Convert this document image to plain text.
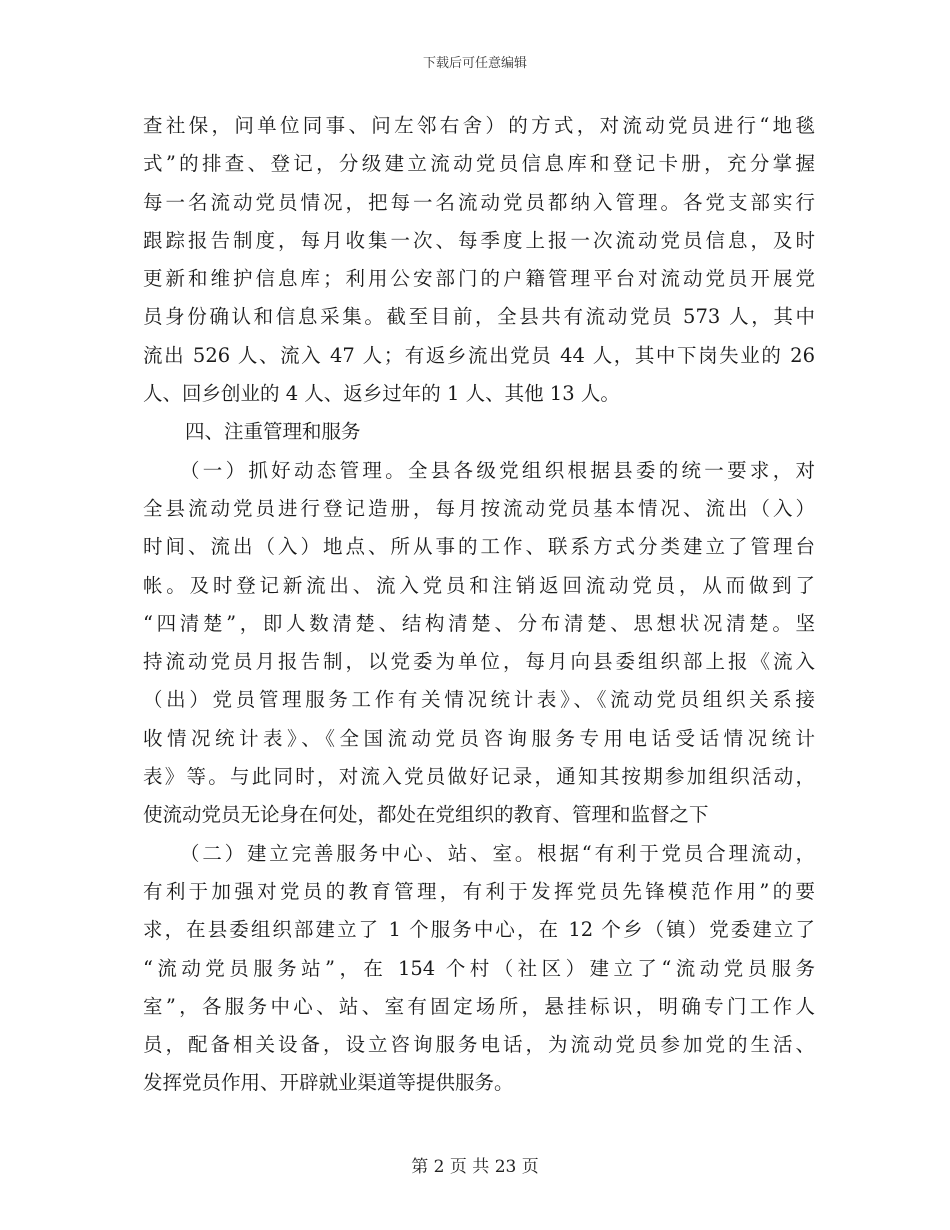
下载后可任意编辑
查社保，问单位同事、问左邻右舍）的方式，对流动党员进行“地毯
式”的排查、登记，分级建立流动党员信息库和登记卡册，充分掌握
每一名流动党员情况，把每一名流动党员都纳入管理。各党支部实行
跟踪报告制度，每月收集一次、每季度上报一次流动党员信息，及时
更新和维护信息库；利用公安部门的户籍管理平台对流动党员开展党
员身份确认和信息采集。截至目前，全县共有流动党员 573 人，其中
流出 526 人、流入 47 人；有返乡流出党员 44 人，其中下岗失业的 26
人、回乡创业的 4 人、返乡过年的 1 人、其他 13 人。
四、注重管理和服务
（一）抓好动态管理。全县各级党组织根据县委的统一要求，对
全县流动党员进行登记造册，每月按流动党员基本情况、流出（入）
时间、流出（入）地点、所从事的工作、联系方式分类建立了管理台
帐。及时登记新流出、流入党员和注销返回流动党员，从而做到了
“四清楚”，即人数清楚、结构清楚、分布清楚、思想状况清楚。坚
持流动党员月报告制，以党委为单位，每月向县委组织部上报《流入
（出）党员管理服务工作有关情况统计表》、《流动党员组织关系接
收情况统计表》、《全国流动党员咨询服务专用电话受话情况统计
表》等。与此同时，对流入党员做好记录，通知其按期参加组织活动，
使流动党员无论身在何处，都处在党组织的教育、管理和监督之下
（二）建立完善服务中心、站、室。根据“有利于党员合理流动，
有利于加强对党员的教育管理，有利于发挥党员先锋模范作用”的要
求，在县委组织部建立了 1 个服务中心，在 12 个乡（镇）党委建立了
“流动党员服务站”，在 154 个村（社区）建立了“流动党员服务
室”，各服务中心、站、室有固定场所，悬挂标识，明确专门工作人
员，配备相关设备，设立咨询服务电话，为流动党员参加党的生活、
发挥党员作用、开辟就业渠道等提供服务。
第 2 页 共 23 页
